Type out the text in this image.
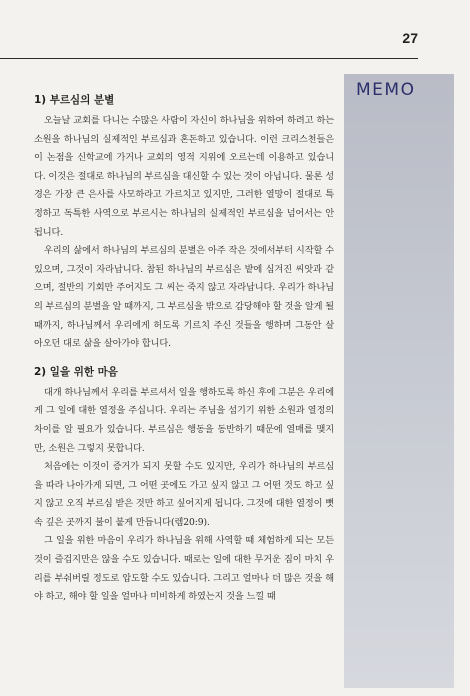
27
MEMO
1) 부르심의 분별

오늘날 교회를 다니는 수많은 사람이 자신이 하나님을 위하여 하려고 하는 소원을 하나님의 실제적인 부르심과 혼돈하고 있습니다. 이런 크리스천들은 이 논점을 신학교에 가거나 교회의 영적 지위에 오르는데 이용하고 있습니다. 이것은 절대로 하나님의 부르심을 대신할 수 있는 것이 아닙니다. 물론 성경은 가장 큰 은사를 사모하라고 가르치고 있지만, 그러한 열망이 절대로 특정하고 독특한 사역으로 부르시는 하나님의 실제적인 부르심을 넘어서는 안됩니다.

우리의 삶에서 하나님의 부르심의 분별은 아주 작은 것에서부터 시작할 수 있으며, 그것이 자라납니다. 참된 하나님의 부르심은 밭에 심겨진 씨앗과 같으며, 절반의 기회만 주어지도 그 씨는 죽지 않고 자라납니다. 우리가 하나님의 부르심의 분별을 알 때까지, 그 부르심을 밖으로 감당해야 할 것을 알게 될 때까지, 하나님께서 우리에게 허도록 기르치 주신 것들을 행하며 그동안 살아오던 대로 삶을 살아가야 합니다.

2) 일을 위한 마음

대개 하나님께서 우리를 부르셔서 일을 행하도록 하신 후에 그분은 우리에게 그 일에 대한 열정을 주십니다. 우리는 주님을 섬기기 위한 소원과 열정의 차이를 알 필요가 있습니다. 부르심은 행동을 동반하기 때문에 열매를 맺지만, 소원은 그렇지 못합니다.

처음에는 이것이 증거가 되지 못할 수도 있지만, 우리가 하나님의 부르심을 따라 나아가게 되면, 그 어떤 곳에도 가고 싶지 않고 그 어떤 것도 하고 싶지 않고 오직 부르심 받은 것만 하고 싶어지게 됩니다. 그것에 대한 열정이 뼛속 깊은 곳까지 불이 붙게 만듭니다(렘20:9).

그 일을 위한 마음이 우리가 하나님을 위해 사역할 때 체험하게 되는 모든 것이 즐겁지만은 않을 수도 있습니다. 때로는 일에 대한 무거운 짐이 마치 우리를 부숴버릴 정도로 압도할 수도 있습니다. 그리고 얼마나 더 많은 것을 해야 하고, 해야 할 일을 얼마나 미비하게 하였는지 것을 느낄 때
